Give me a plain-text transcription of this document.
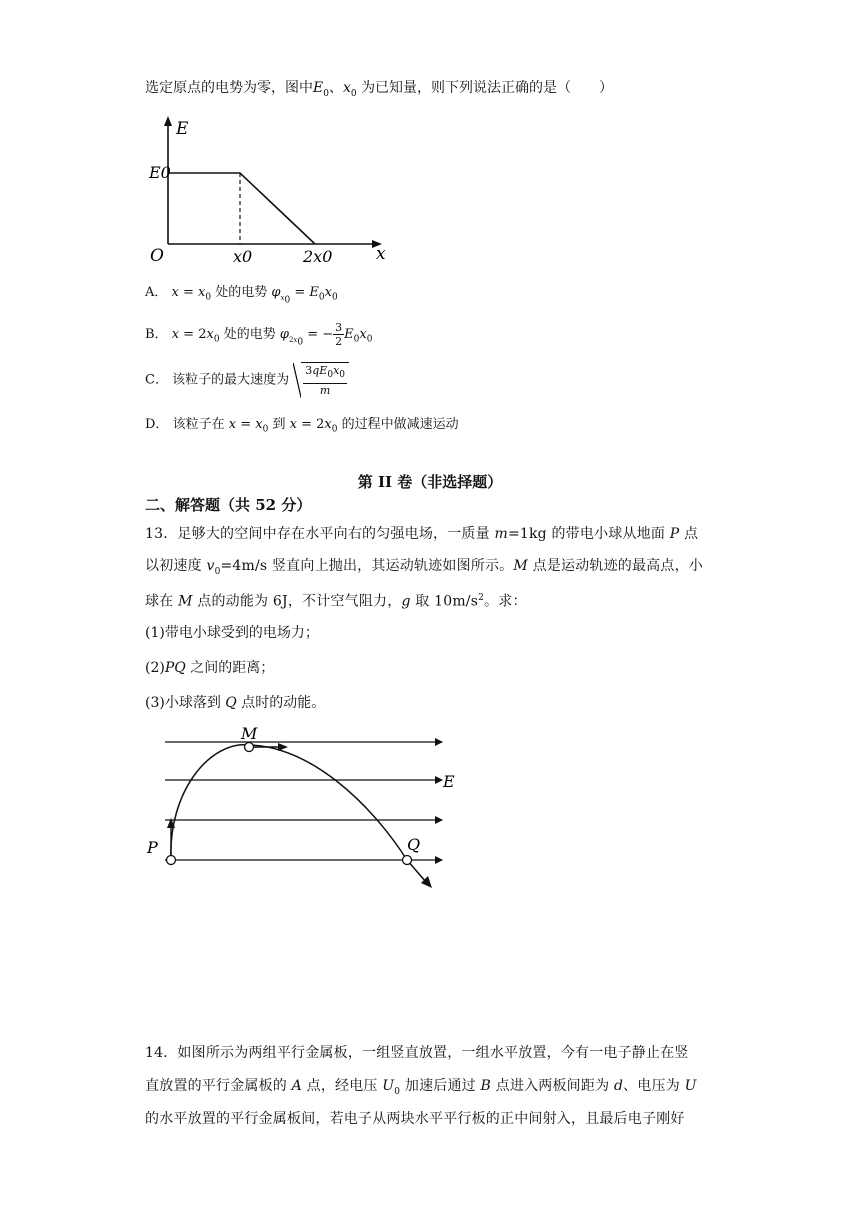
选定原点的电势为零，图中$E_0$、$x_0$ 为已知量，则下列说法正确的是（　　）
E
E0
O	x0	2x0	x
A． $x = x_0$ 处的电势 $\varphi_{x_0} = E_0x_0$
B． $x = 2x_0$ 处的电势 $\varphi_{2x_0}$ = − $\frac{3}{2} E_0x_0$
C． 该粒子的最大速度为 $\frac{3qE_0x_0}{m}$
D． 该粒子在 $x = x_0$ 到 $x = 2x_0$ 的过程中做减速运动
第 II 卷（非选择题）
二、解答题（共 52 分）
13．足够大的空间中存在水平向右的匀强电场，一质量 m=1kg 的带电小球从地面 P 点
以初速度 $v_0=4m/s$ 竖直向上抛出，其运动轨迹如图所示。M 点是运动轨迹的最高点，小
球在 M 点的动能为 6J，不计空气阻力，g 取 $10m/s^2$。求：
(1)带电小球受到的电场力；
(2)PQ 之间的距离；
(3)小球落到 Q 点时的动能。
M
E
P	Q
14．如图所示为两组平行金属板，一组竖直放置，一组水平放置，今有一电子静止在竖
直放置的平行金属板的 A 点，经电压 $U_0$ 加速后通过 B 点进入两板间距为 d、电压为 U
的水平放置的平行金属板间，若电子从两块水平平行板的正中间射入，且最后电子刚好
